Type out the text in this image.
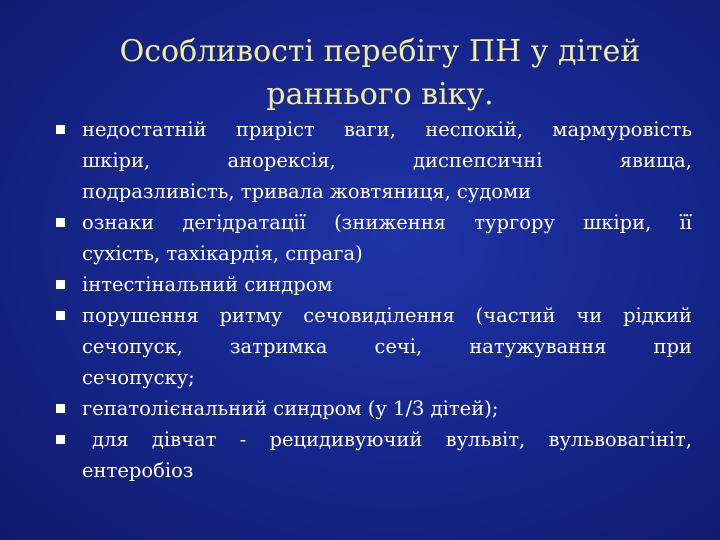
Особливості перебігу ПН у дітей
раннього віку.
недостатній приріст ваги, неспокій, мармуровість
шкіри,	анорексія,	диспепсичні	явища,
подразливість, тривала жовтяниця, судоми
ознаки дегідратації (зниження тургору шкіри, її
сухість, тахікардія, спрага)
інтестінальний синдром
порушення ритму сечовиділення (частий чи рідкий
сечопуск, затримка сечі, натужування при
сечопуску;
гепатолієнальний синдром (у 1/3 дітей);
для дівчат - рецидивуючий вульвіт, вульвовагініт,
ентеробіоз
